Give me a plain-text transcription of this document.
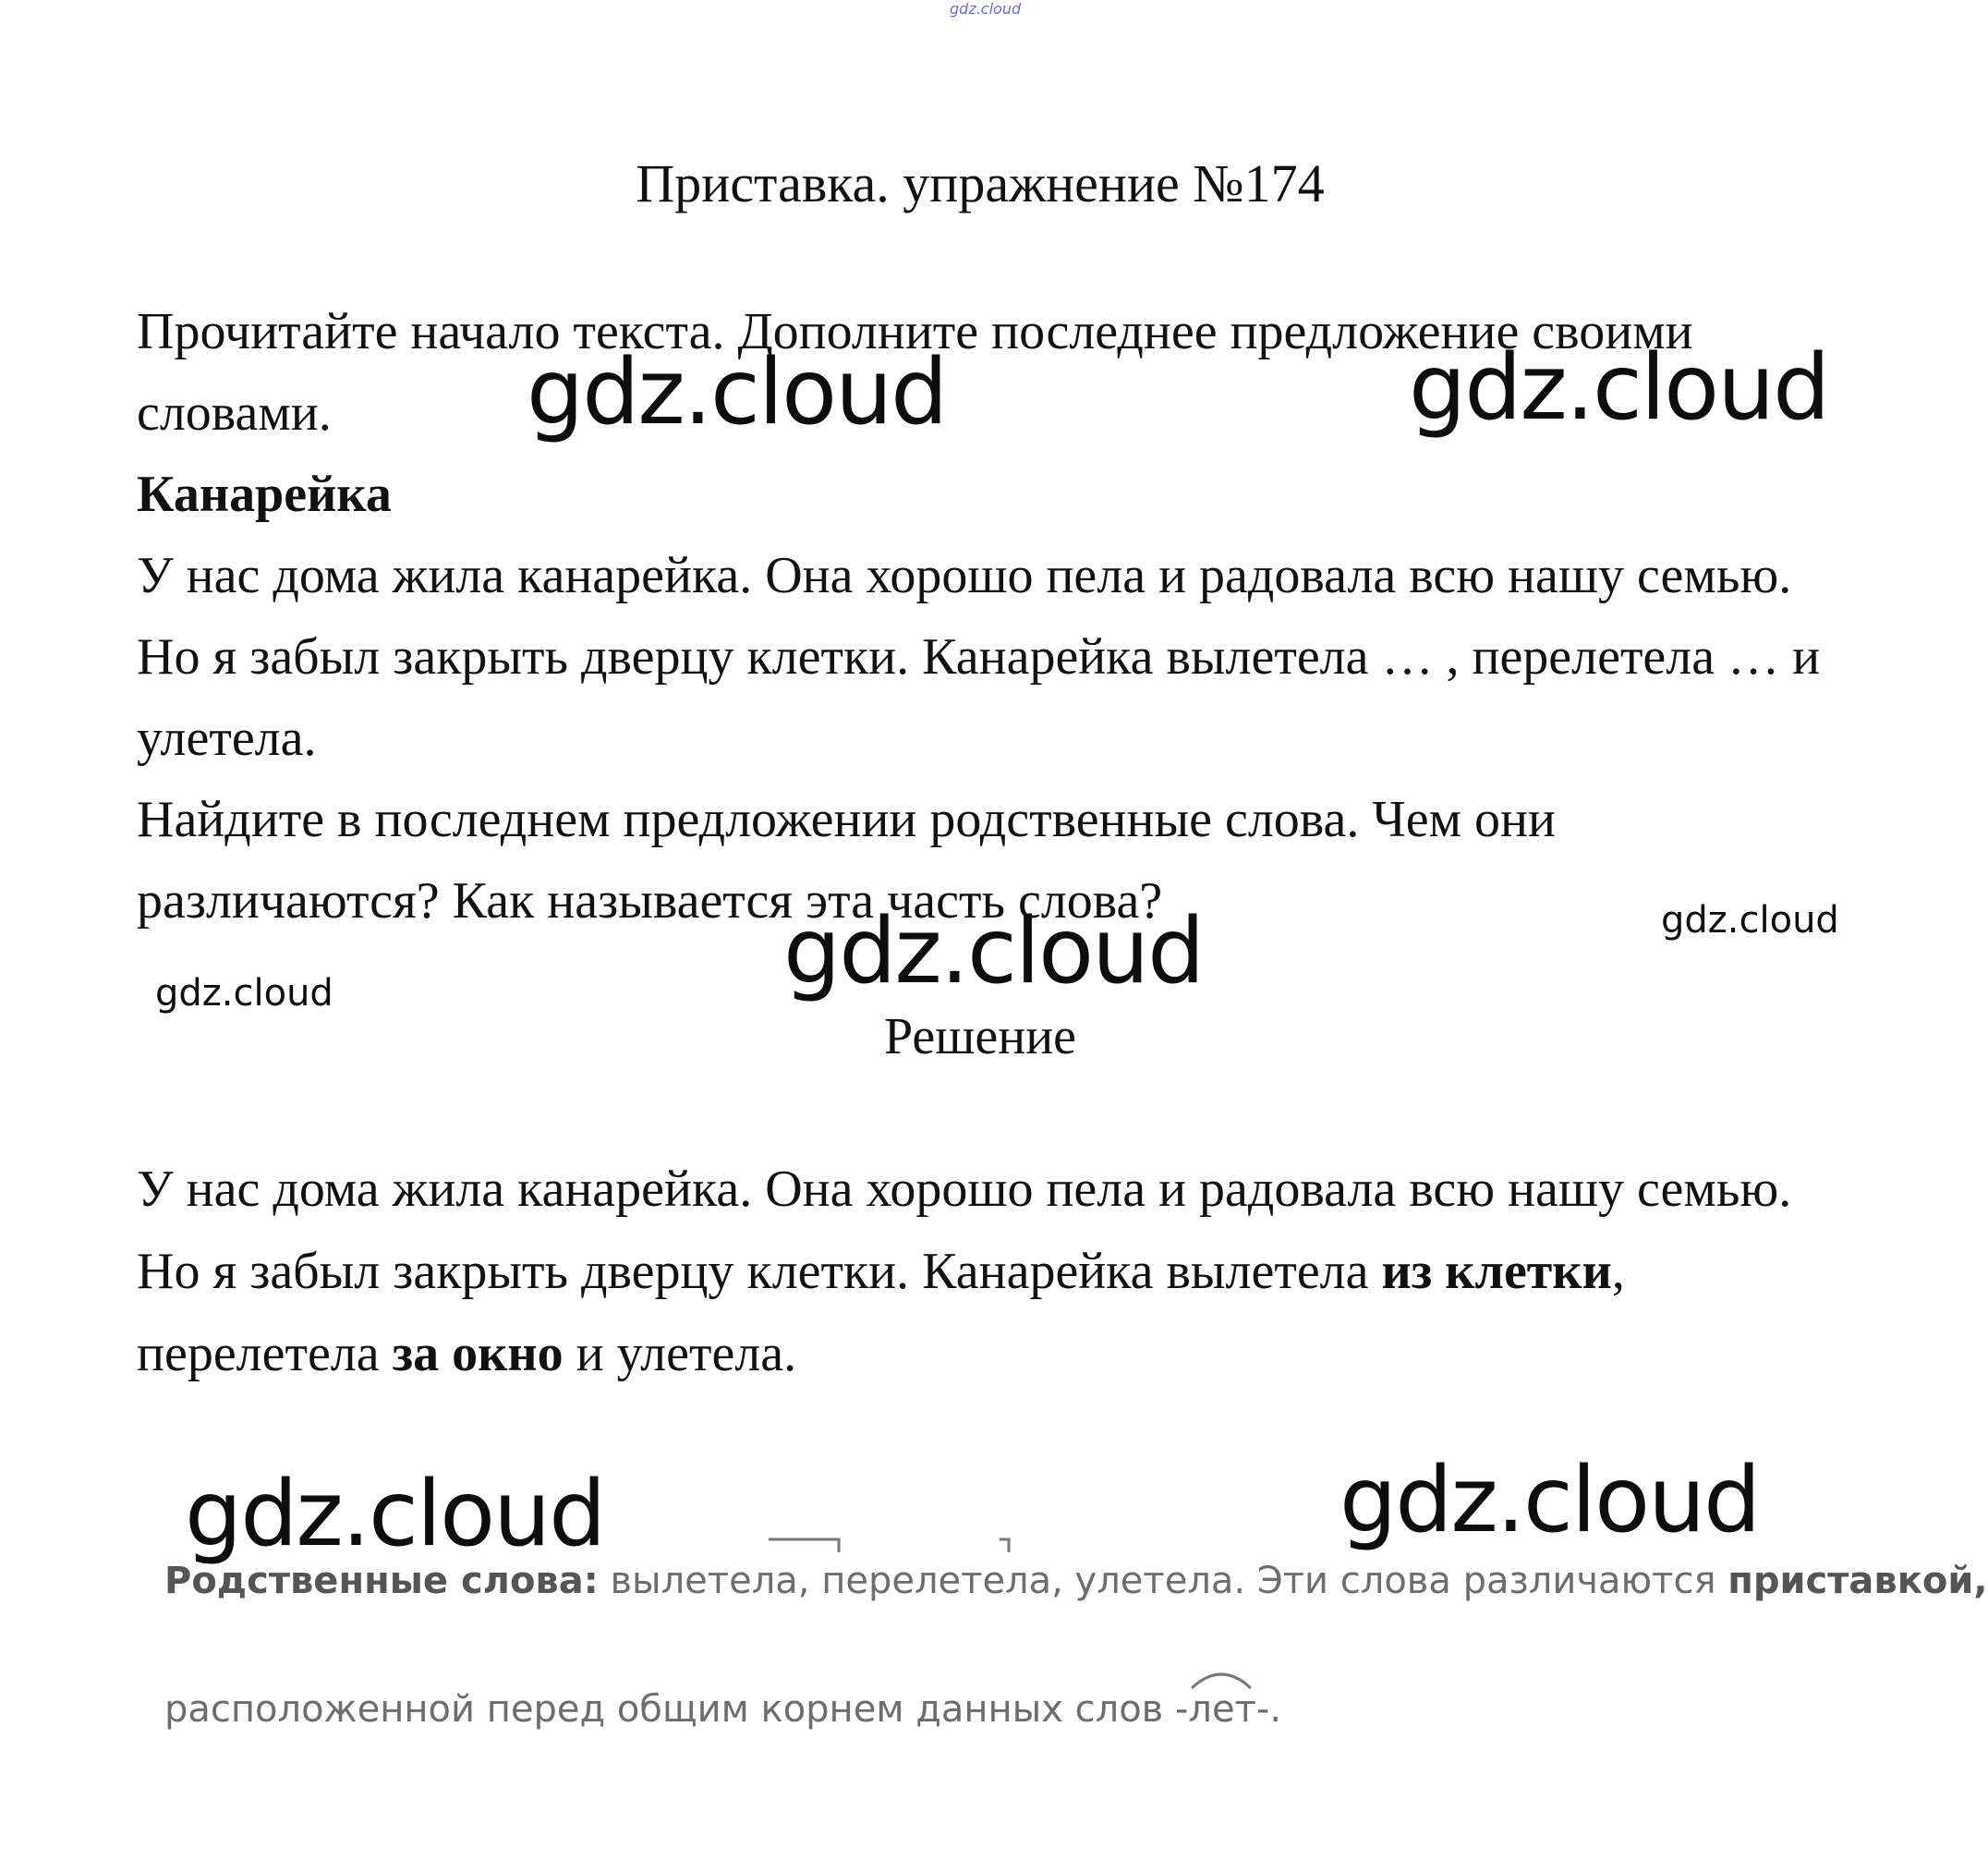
gdz.cloud
Приставка. упражнение №174

Прочитайте начало текста. Дополните последнее предложение своими словами.

Канарейка

У нас дома жила канарейка. Она хорошо пела и радовала всю нашу семью. Но я забыл закрыть дверцу клетки. Канарейка вылетела … , перелетела … и улетела.

Найдите в последнем предложении родственные слова. Чем они различаются? Как называется эта часть слова?

Решение

У нас дома жила канарейка. Она хорошо пела и радовала всю нашу семью. Но я забыл закрыть дверцу клетки. Канарейка вылетела из клетки, перелетела за окно и улетела.

Родственные слова: вылетела, перелетела, улетела. Эти слова различаются приставкой,
расположенной перед общим корнем данных слов -
лет-.
gdz.cloud	gdz.cloud
gdz.cloud
gdz.cloud
gdz.cloud
gdz.cloud	gdz.cloud
